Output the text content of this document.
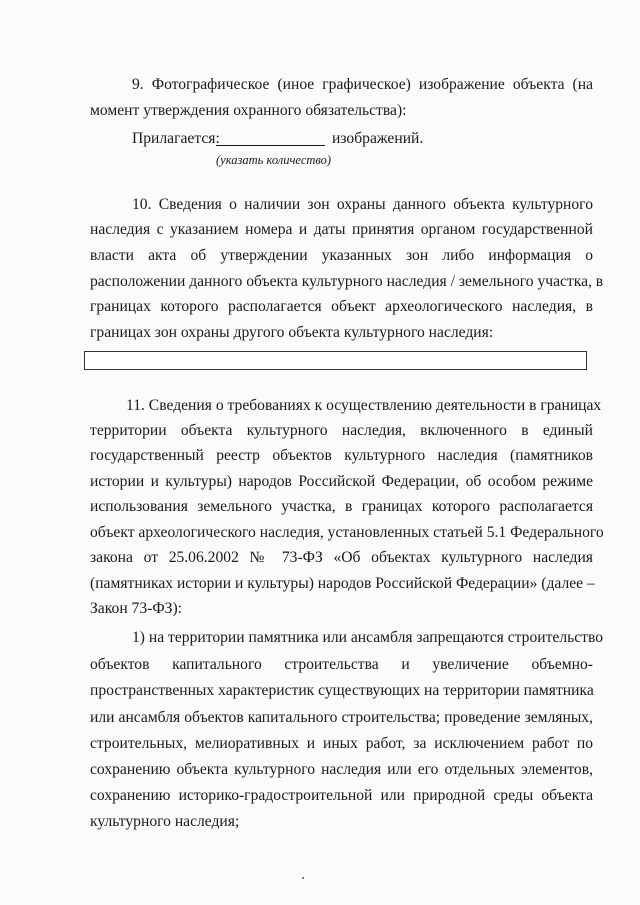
9. Фотографическое (иное графическое) изображение объекта (на
момент утверждения охранного обязательства):
Прилагается:	изображений.
(указать количество)
10. Сведения о наличии зон охраны данного объекта культурного
наследия с указанием номера и даты принятия органом государственной
власти акта об утверждении указанных зон либо информация о
расположении данного объекта культурного наследия / земельного участка, в
границах которого располагается объект археологического наследия, в
границах зон охраны другого объекта культурного наследия:
11. Сведения о требованиях к осуществлению деятельности в границах
территории объекта культурного наследия, включенного в единый
государственный реестр объектов культурного наследия (памятников
истории и культуры) народов Российской Федерации, об особом режиме
использования земельного участка, в границах которого располагается
объект археологического наследия, установленных статьей 5.1 Федерального
закона от 25.06.2002 № 73-ФЗ «Об объектах культурного наследия
(памятниках истории и культуры) народов Российской Федерации» (далее –
Закон 73-ФЗ):
1) на территории памятника или ансамбля запрещаются строительство
объектов капитального строительства и увеличение объемно-
пространственных характеристик существующих на территории памятника
или ансамбля объектов капитального строительства; проведение земляных,
строительных, мелиоративных и иных работ, за исключением работ по
сохранению объекта культурного наследия или его отдельных элементов,
сохранению историко-градостроительной или природной среды объекта
культурного наследия;
